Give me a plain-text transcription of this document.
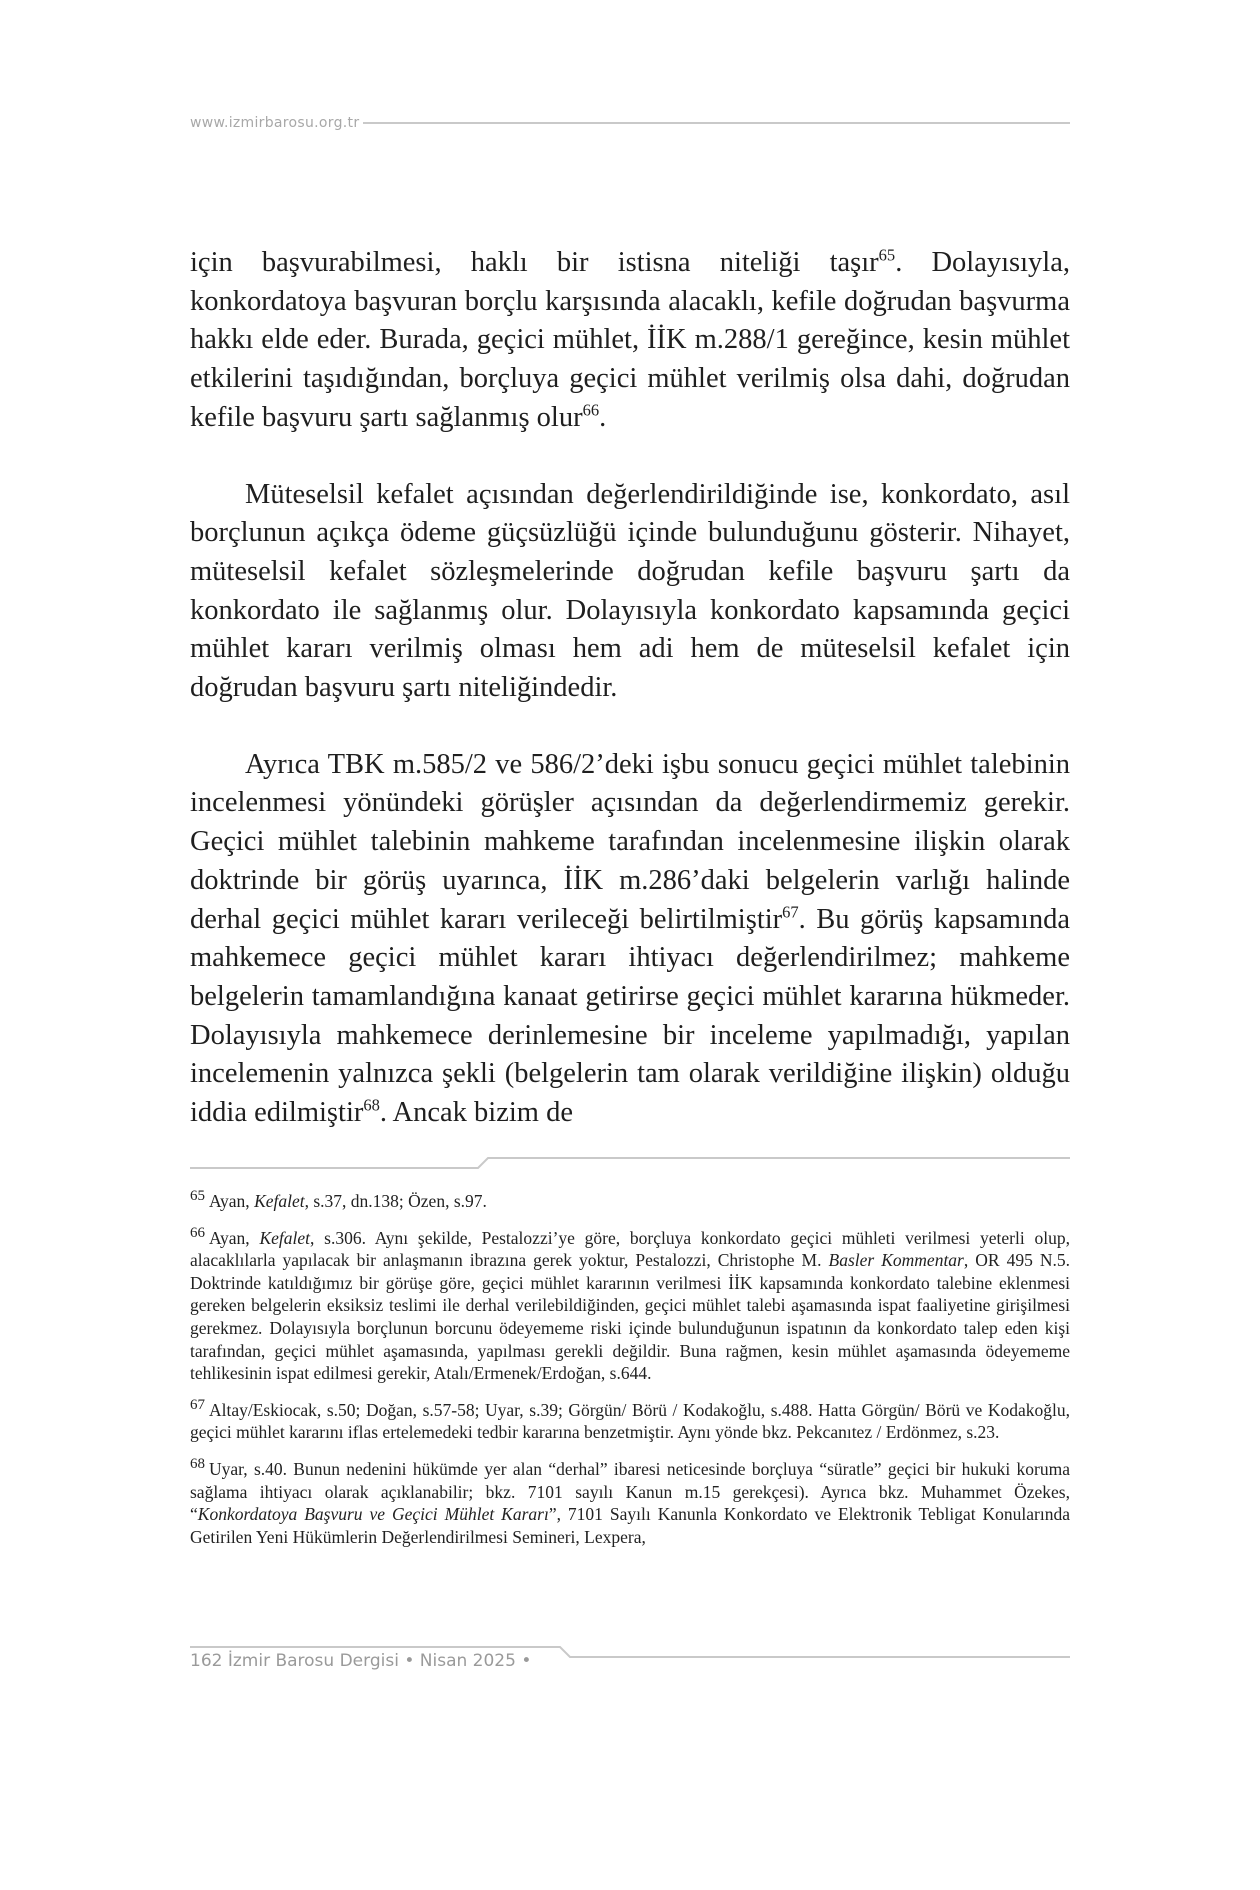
www.izmirbarosu.org.tr

için başvurabilmesi, haklı bir istisna niteliği taşır$^{65}$. Dolayısıyla, konkordatoya başvuran borçlu karşısında alacaklı, kefile doğrudan başvurma hakkı elde eder. Burada, geçici mühlet, İİK m.288/1 gereğince, kesin mühlet etkilerini taşıdığından, borçluya geçici mühlet verilmiş olsa dahi, doğrudan kefile başvuru şartı sağlanmış olur$^{66}$.

Müteselsil kefalet açısından değerlendirildiğinde ise, konkordato, asıl borçlunun açıkça ödeme güçsüzlüğü içinde bulunduğunu gösterir. Nihayet, müteselsil kefalet sözleşmelerinde doğrudan kefile başvuru şartı da konkordato ile sağlanmış olur. Dolayısıyla konkordato kapsamında geçici mühlet kararı verilmiş olması hem adi hem de müteselsil kefalet için doğrudan başvuru şartı niteliğindedir.

Ayrıca TBK m.585/2 ve 586/2’deki işbu sonucu geçici mühlet talebinin incelenmesi yönündeki görüşler açısından da değerlendirmemiz gerekir. Geçici mühlet talebinin mahkeme tarafından incelenmesine ilişkin olarak doktrinde bir görüş uyarınca, İİK m.286’daki belgelerin varlığı halinde derhal geçici mühlet kararı verileceği belirtilmiştir$^{67}$. Bu görüş kapsamında mahkemece geçici mühlet kararı ihtiyacı değerlendirilmez; mahkeme belgelerin tamamlandığına kanaat getirirse geçici mühlet kararına hükmeder. Dolayısıyla mahkemece derinlemesine bir inceleme yapılmadığı, yapılan incelemenin yalnızca şekli (belgelerin tam olarak verildiğine ilişkin) olduğu iddia edilmiştir$^{68}$. Ancak bizim de

65 Ayan, Kefalet, s.37, dn.138; Özen, s.97.
66 Ayan, Kefalet, s.306. Aynı şekilde, Pestalozzi’ye göre, borçluya konkordato geçici mühleti verilmesi yeterli olup, alacaklılarla yapılacak bir anlaşmanın ibrazına gerek yoktur, Pestalozzi, Christophe M. Basler Kommentar, OR 495 N.5. Doktrinde katıldığımız bir görüşe göre, geçici mühlet kararının verilmesi İİK kapsamında konkordato talebine eklenmesi gereken belgelerin eksiksiz teslimi ile derhal verilebildiğinden, geçici mühlet talebi aşamasında ispat faaliyetine girişilmesi gerekmez. Dolayısıyla borçlunun borcunu ödeyememe riski içinde bulunduğunun ispatının da konkordato talep eden kişi tarafından, geçici mühlet aşamasında, yapılması gerekli değildir. Buna rağmen, kesin mühlet aşamasında ödeyememe tehlikesinin ispat edilmesi gerekir, Atalı/Ermenek/Erdoğan, s.644.
67 Altay/Eskiocak, s.50; Doğan, s.57-58; Uyar, s.39; Görgün/ Börü / Kodakoğlu, s.488. Hatta Görgün/ Börü ve Kodakoğlu, geçici mühlet kararını iflas ertelemedeki tedbir kararına benzetmiştir. Aynı yönde bkz. Pekcanıtez / Erdönmez, s.23.
68 Uyar, s.40. Bunun nedenini hükümde yer alan “derhal” ibaresi neticesinde borçluya “süratle” geçici bir hukuki koruma sağlama ihtiyacı olarak açıklanabilir; bkz. 7101 sayılı Kanun m.15 gerekçesi). Ayrıca bkz. Muhammet Özekes, “Konkordatoya Başvuru ve Geçici Mühlet Kararı”, 7101 Sayılı Kanunla Konkordato ve Elektronik Tebligat Konularında Getirilen Yeni Hükümlerin Değerlendirilmesi Semineri, Lexpera,
162 İzmir Barosu Dergisi • Nisan 2025 •
